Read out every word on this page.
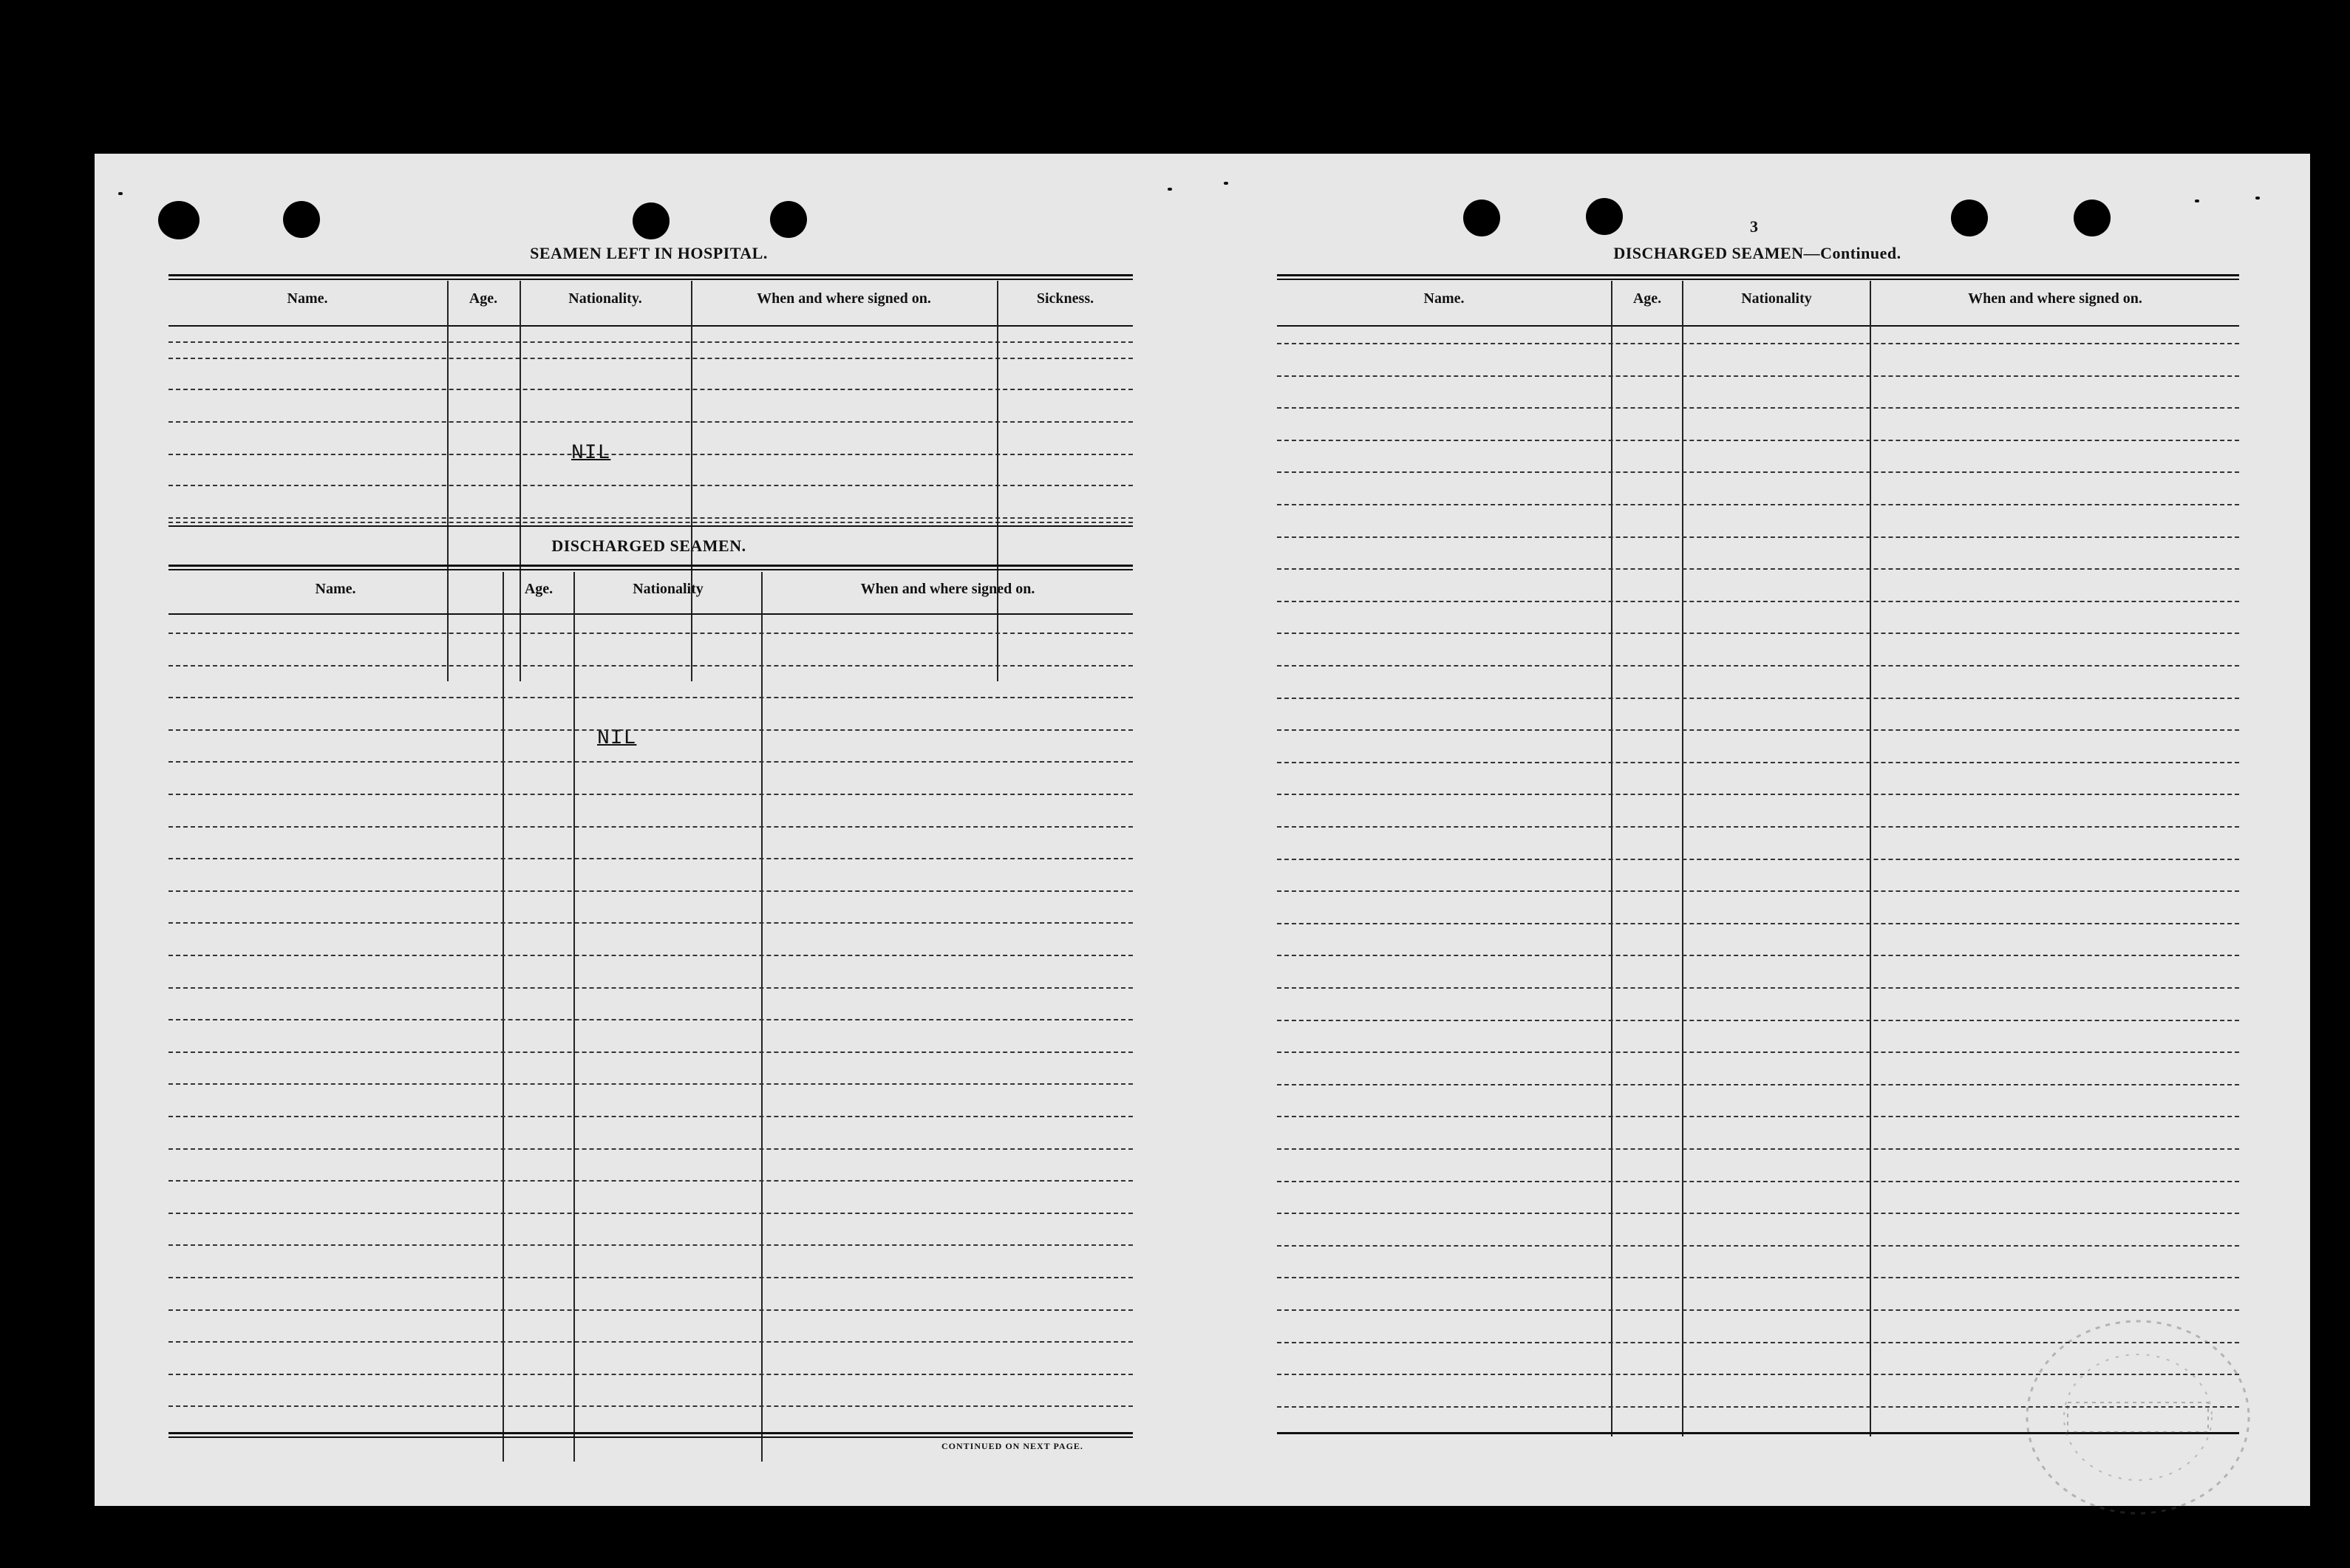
SEAMEN LEFT IN HOSPITAL.
Name.	Age.	Nationality.	When and where signed on.	Sickness.
NIL
DISCHARGED SEAMEN.
Name.	Age.	Nationality	When and where signed on.
NIL
CONTINUED ON NEXT PAGE.
3
DISCHARGED SEAMEN—Continued.
Name.	Age.	Nationality	When and where signed on.
